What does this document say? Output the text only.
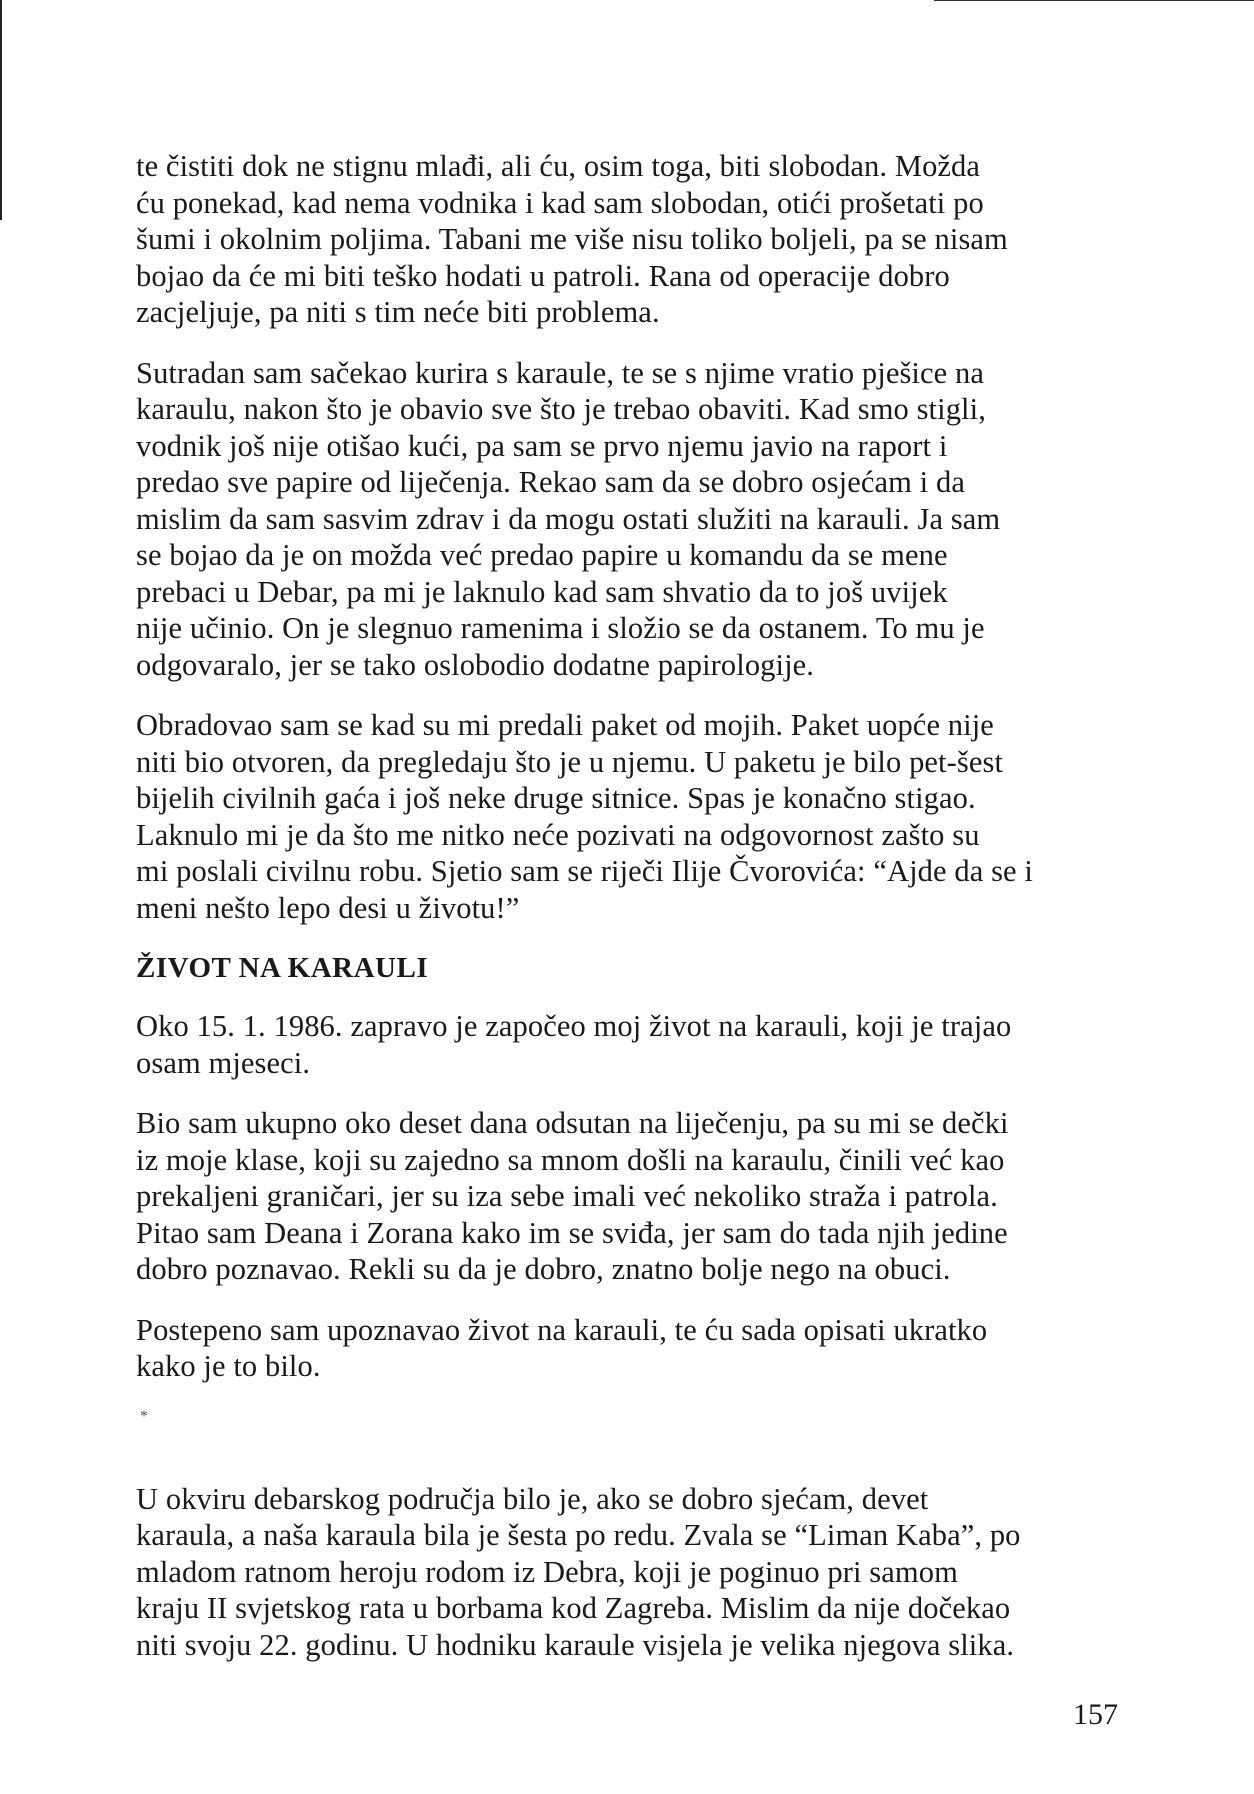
te čistiti dok ne stignu mlađi, ali ću, osim toga, biti slobodan. Možda
ću ponekad, kad nema vodnika i kad sam slobodan, otići prošetati po
šumi i okolnim poljima. Tabani me više nisu toliko boljeli, pa se nisam
bojao da će mi biti teško hodati u patroli. Rana od operacije dobro
zacjeljuje, pa niti s tim neće biti problema.

Sutradan sam sačekao kurira s karaule, te se s njime vratio pješice na
karaulu, nakon što je obavio sve što je trebao obaviti. Kad smo stigli,
vodnik još nije otišao kući, pa sam se prvo njemu javio na raport i
predao sve papire od liječenja. Rekao sam da se dobro osjećam i da
mislim da sam sasvim zdrav i da mogu ostati služiti na karauli. Ja sam
se bojao da je on možda već predao papire u komandu da se mene
prebaci u Debar, pa mi je laknulo kad sam shvatio da to još uvijek
nije učinio. On je slegnuo ramenima i složio se da ostanem. To mu je
odgovaralo, jer se tako oslobodio dodatne papirologije.

Obradovao sam se kad su mi predali paket od mojih. Paket uopće nije
niti bio otvoren, da pregledaju što je u njemu. U paketu je bilo pet-šest
bijelih civilnih gaća i još neke druge sitnice. Spas je konačno stigao.
Laknulo mi je da što me nitko neće pozivati na odgovornost zašto su
mi poslali civilnu robu. Sjetio sam se riječi Ilije Čvorovića: “Ajde da se i
meni nešto lepo desi u životu!”

ŽIVOT NA KARAULI

Oko 15. 1. 1986. zapravo je započeo moj život na karauli, koji je trajao
osam mjeseci.

Bio sam ukupno oko deset dana odsutan na liječenju, pa su mi se dečki
iz moje klase, koji su zajedno sa mnom došli na karaulu, činili već kao
prekaljeni graničari, jer su iza sebe imali već nekoliko straža i patrola.
Pitao sam Deana i Zorana kako im se sviđa, jer sam do tada njih jedine
dobro poznavao. Rekli su da je dobro, znatno bolje nego na obuci.

Postepeno sam upoznavao život na karauli, te ću sada opisati ukratko
kako je to bilo.

*

U okviru debarskog područja bilo je, ako se dobro sjećam, devet
karaula, a naša karaula bila je šesta po redu. Zvala se “Liman Kaba”, po
mladom ratnom heroju rodom iz Debra, koji je poginuo pri samom
kraju II svjetskog rata u borbama kod Zagreba. Mislim da nije dočekao
niti svoju 22. godinu. U hodniku karaule visjela je velika njegova slika.

157
